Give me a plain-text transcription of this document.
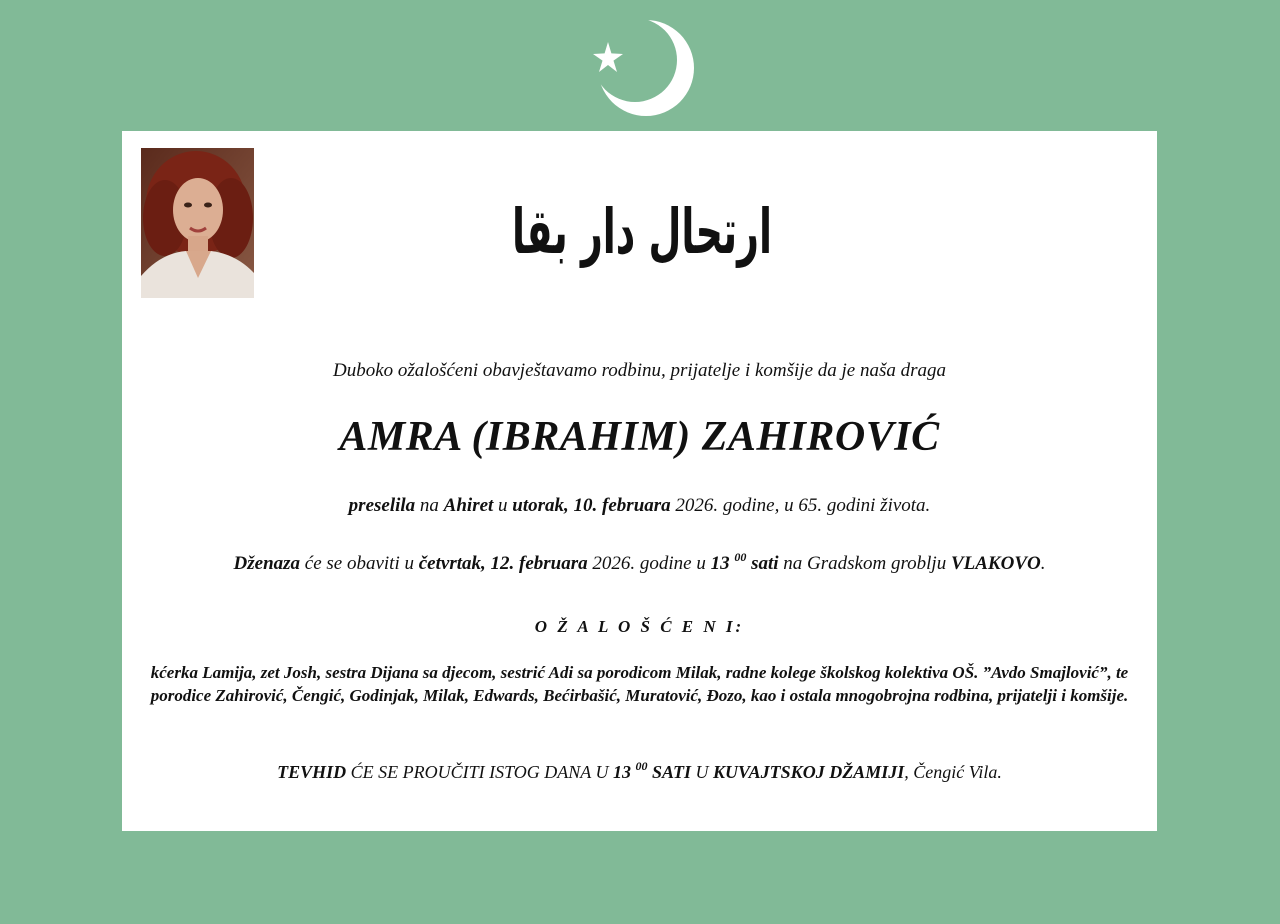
ارتحال دار بقا
Duboko ožalošćeni obavještavamo rodbinu, prijatelje i komšije da je naša draga
AMRA (IBRAHIM) ZAHIROVIĆ
preselila na Ahiret u utorak, 10. februara 2026. godine, u 65. godini života.
Dženaza će se obaviti u četvrtak, 12. februara 2026. godine u 13 $^{00}$ sati na Gradskom groblju VLAKOVO.
O Ž A L O Š Ć E N I:
kćerka Lamija, zet Josh, sestra Dijana sa djecom, sestrić Adi sa porodicom Milak, radne kolege školskog kolektiva OŠ. ”Avdo Smajlović”, te porodice Zahirović, Čengić, Godinjak, Milak, Edwards, Bećirbašić, Muratović, Đozo, kao i ostala mnogobrojna rodbina, prijatelji i komšije.
TEVHID ĆE SE PROUČITI ISTOG DANA U 13 $^{00}$ SATI U KUVAJTSKOJ DŽAMIJI, Čengić Vila.
